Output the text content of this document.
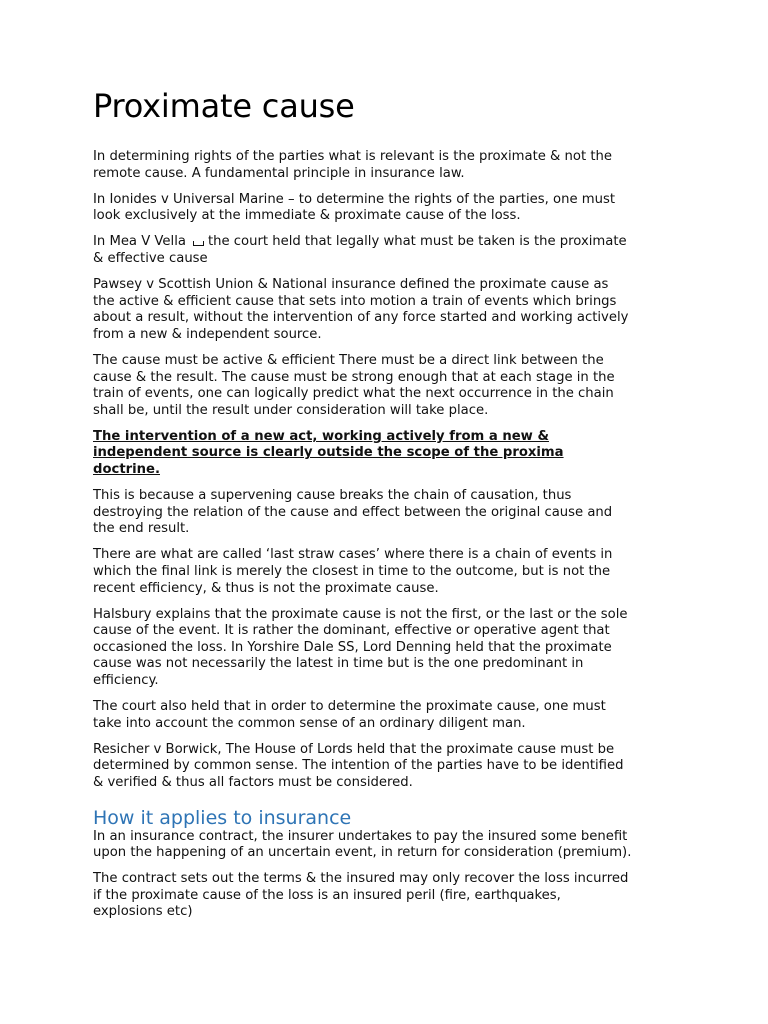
Proximate cause

In determining rights of the parties what is relevant is the proximate & not the
remote cause. A fundamental principle in insurance law.

In Ionides v Universal Marine – to determine the rights of the parties, one must
look exclusively at the immediate & proximate cause of the loss.

In Mea V Vella the court held that legally what must be taken is the proximate
& effective cause

Pawsey v Scottish Union & National insurance defined the proximate cause as
the active & efficient cause that sets into motion a train of events which brings
about a result, without the intervention of any force started and working actively
from a new & independent source.

The cause must be active & efficient There must be a direct link between the
cause & the result. The cause must be strong enough that at each stage in the
train of events, one can logically predict what the next occurrence in the chain
shall be, until the result under consideration will take place.

The intervention of a new act, working actively from a new &
independent source is clearly outside the scope of the proxima
doctrine.

This is because a supervening cause breaks the chain of causation, thus
destroying the relation of the cause and effect between the original cause and
the end result.

There are what are called ‘last straw cases’ where there is a chain of events in
which the final link is merely the closest in time to the outcome, but is not the
recent efficiency, & thus is not the proximate cause.

Halsbury explains that the proximate cause is not the first, or the last or the sole
cause of the event. It is rather the dominant, effective or operative agent that
occasioned the loss. In Yorshire Dale SS, Lord Denning held that the proximate
cause was not necessarily the latest in time but is the one predominant in
efficiency.

The court also held that in order to determine the proximate cause, one must
take into account the common sense of an ordinary diligent man.

Resicher v Borwick, The House of Lords held that the proximate cause must be
determined by common sense. The intention of the parties have to be identified
& verified & thus all factors must be considered.

How it applies to insurance

In an insurance contract, the insurer undertakes to pay the insured some benefit
upon the happening of an uncertain event, in return for consideration (premium).

The contract sets out the terms & the insured may only recover the loss incurred
if the proximate cause of the loss is an insured peril (fire, earthquakes,
explosions etc)
